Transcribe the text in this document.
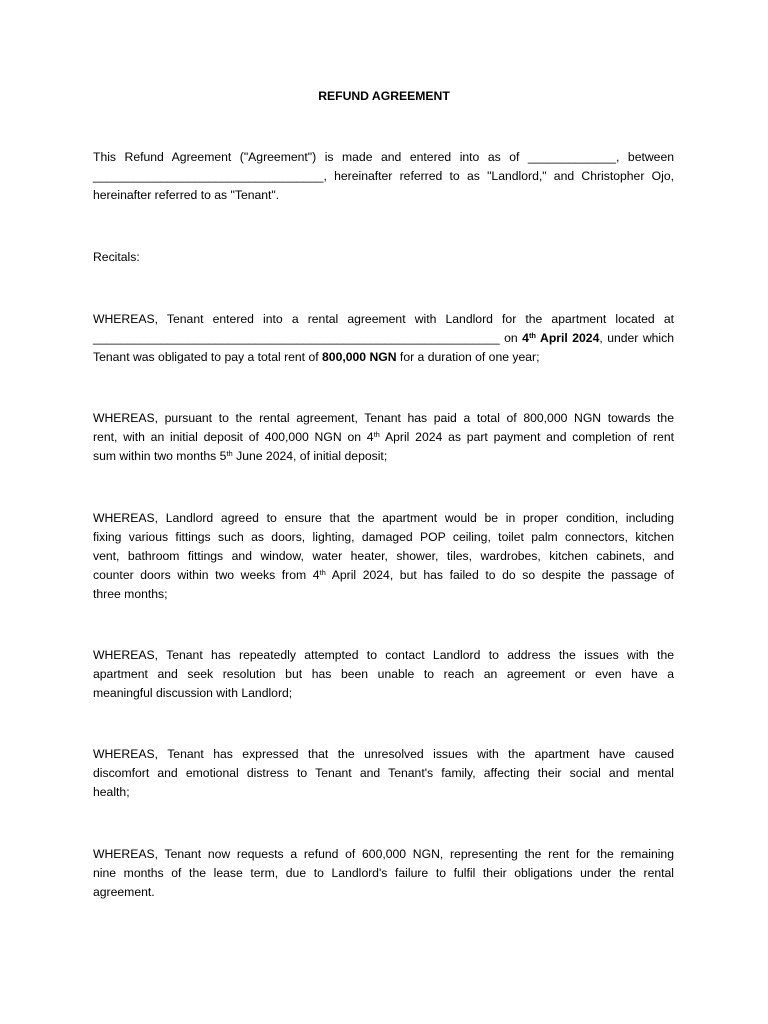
REFUND AGREEMENT
This Refund Agreement ("Agreement") is made and entered into as of _____________, between
__________________________________, hereinafter referred to as "Landlord," and Christopher Ojo,
hereinafter referred to as "Tenant".
Recitals:
WHEREAS, Tenant entered into a rental agreement with Landlord for the apartment located at
____________________________________________________________ on 4th April 2024, under which
Tenant was obligated to pay a total rent of 800,000 NGN for a duration of one year;
WHEREAS, pursuant to the rental agreement, Tenant has paid a total of 800,000 NGN towards the
rent, with an initial deposit of 400,000 NGN on 4th April 2024 as part payment and completion of rent
sum within two months 5th June 2024, of initial deposit;
WHEREAS, Landlord agreed to ensure that the apartment would be in proper condition, including
fixing various fittings such as doors, lighting, damaged POP ceiling, toilet palm connectors, kitchen
vent, bathroom fittings and window, water heater, shower, tiles, wardrobes, kitchen cabinets, and
counter doors within two weeks from 4th April 2024, but has failed to do so despite the passage of
three months;
WHEREAS, Tenant has repeatedly attempted to contact Landlord to address the issues with the
apartment and seek resolution but has been unable to reach an agreement or even have a
meaningful discussion with Landlord;
WHEREAS, Tenant has expressed that the unresolved issues with the apartment have caused
discomfort and emotional distress to Tenant and Tenant's family, affecting their social and mental
health;
WHEREAS, Tenant now requests a refund of 600,000 NGN, representing the rent for the remaining
nine months of the lease term, due to Landlord's failure to fulfil their obligations under the rental
agreement.
